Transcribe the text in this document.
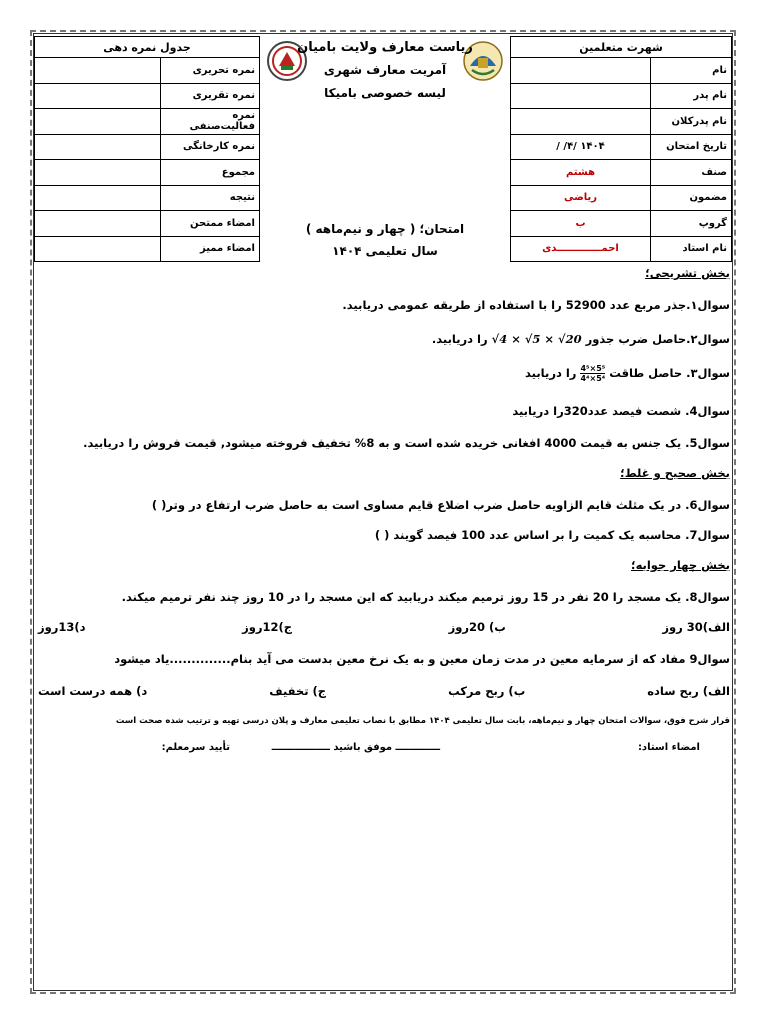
شهرت متعلمین	
نام	
نام پدر	
نام پدرکلان	
تاریخ امتحان	۱۴۰۴ /۴/ /
صنف	هشتم
مضمون	ریاضی
گروپ	ب
نام استاد	احمـــــــــــــدی
ریاست معارف ولایت بامیان
آمریت معارف شهری
لیسه خصوصی بامیکا
امتحان؛ ( چهار و نیم‌ماهه )
سال تعلیمی ۱۴۰۴
جدول نمره دهی	
نمره تحریری	
نمره تقریری	
نمره فعالیت‌صنفی	
نمره کارخانگی	
مجموع	
نتیجه	
امضاء ممتحن	
امضاء ممیز	
بخش تشریحی؛
سوال۱.جذر مربع عدد 52900 را با استفاده از طریقه عمومی دریابید.
سوال۲.حاصل ضرب جذور √4 × √5 × √20 را دریابید.
سوال۳. حاصل طاقت
$\frac{\text{4⁵×5⁵}}{\text{4⁴×5⁴}}$ را دریابید
سوال4. شصت فیصد عدد320را دریابید
سوال5. یک جنس به قیمت 4000 افغانی خریده شده است و به 8% تخفیف فروخته میشود, قیمت فروش را دریابید.
بخش صحیح و غلط؛
سوال6. در یک مثلث قایم الزاویه حاصل ضرب اضلاع قایم مساوی است به حاصل ضرب ارتفاع در وتر( )
سوال7. محاسبه یک کمیت را بر اساس عدد 100 فیصد گویند ( )
بخش چهار جوابه؛
سوال8. یک مسجد را 20 نفر در 15 روز ترمیم میکند دریابید که این مسجد را در 10 روز چند نفر ترمیم میکند.
الف)30 روز
ب) 20روز
ج)12روز
د)13روز
سوال9 مفاد که از سرمایه معین در مدت زمان معین و به یک نرخ معین بدست می آید بنام..............یاد میشود
الف) ربح ساده
ب) ربح مرکب
ج) تخفیف
د) همه درست است
قرار شرح فوق، سوالات امتحان چهار و نیم‌ماهه، بابت سال تعلیمی ۱۴۰۴ مطابق با نصاب تعلیمی معارف و پلان درسی تهیه و ترتیب شده صحت است
امضاء استاد:
ـــــــــــــ موفق باشید ـــــــــــــــــ
تأیید سرمعلم:
